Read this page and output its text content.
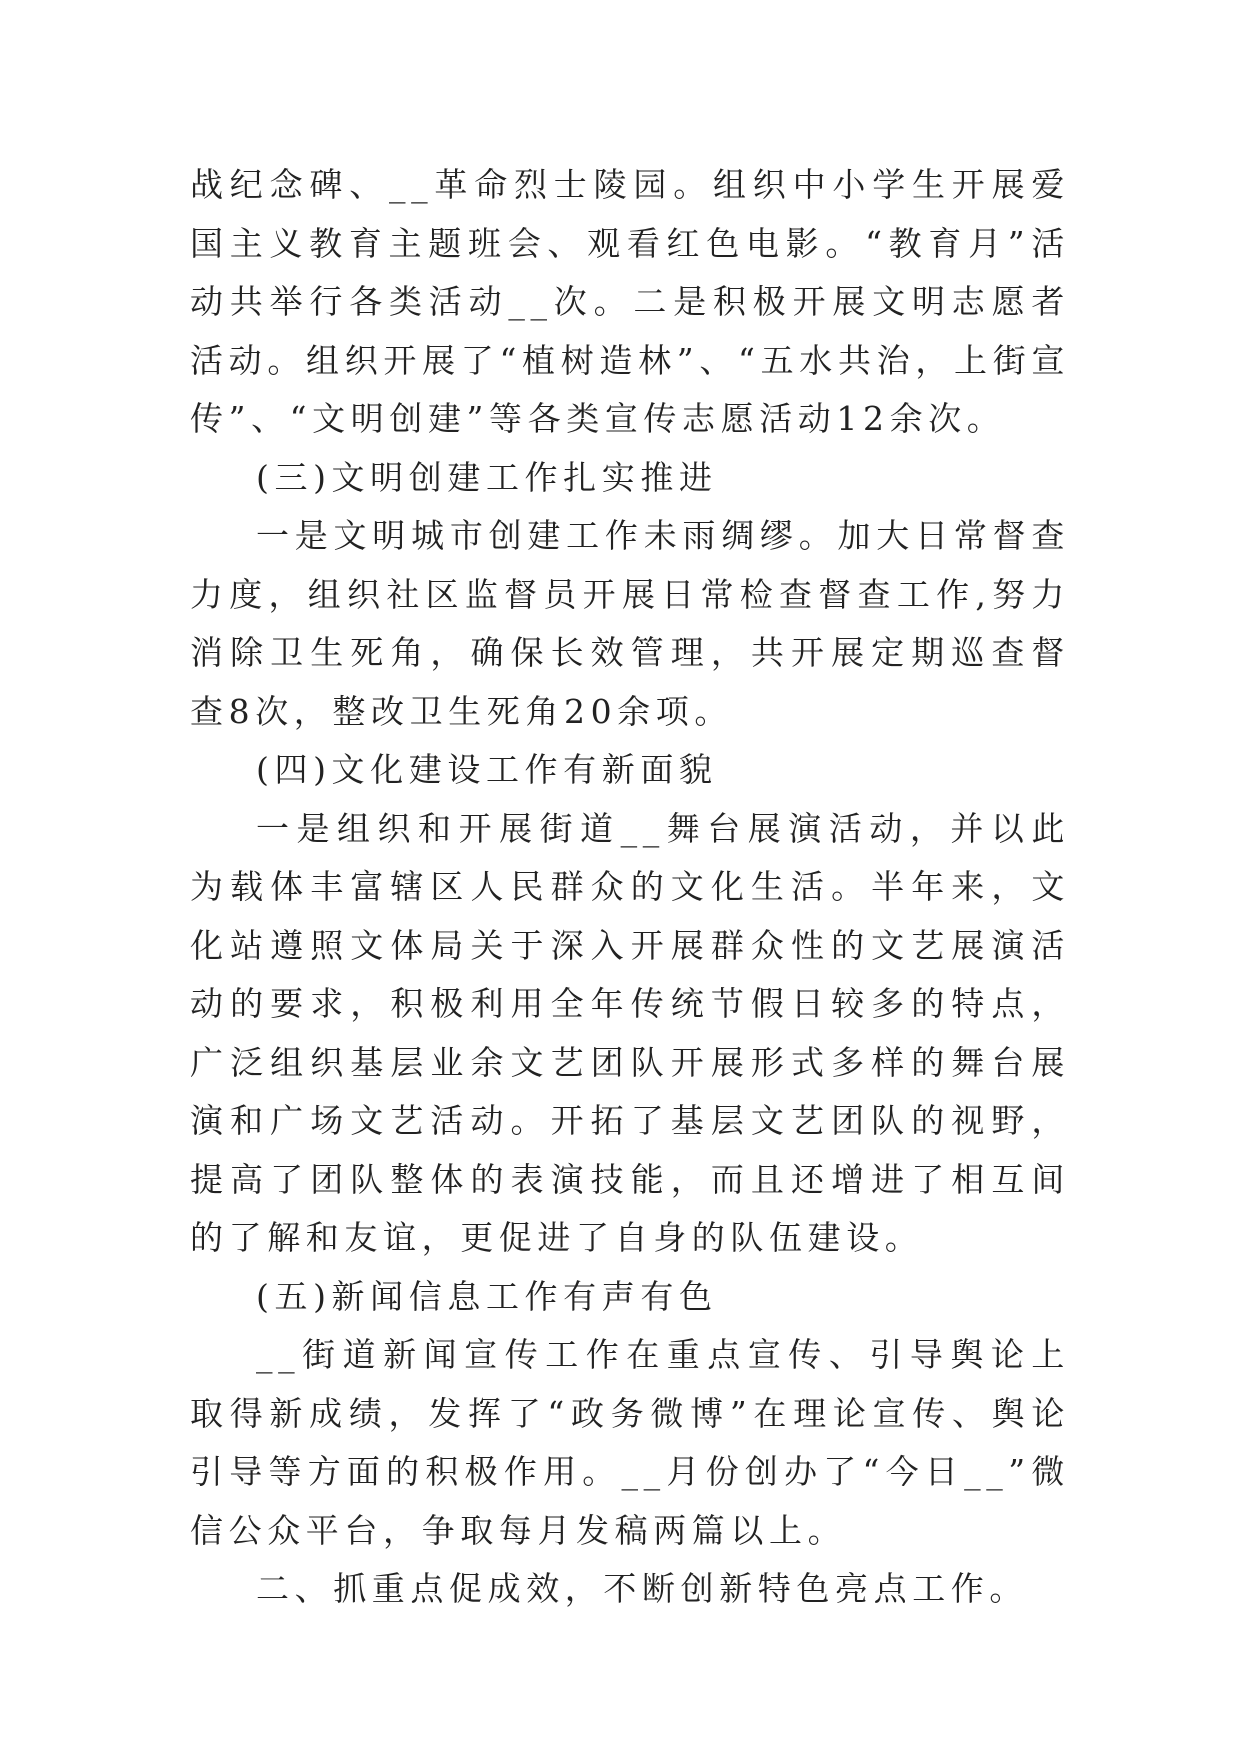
战纪念碑、__革命烈士陵园。组织中小学生开展爱国主义教育主题班会、观看红色电影。“教育月”活动共举行各类活动__次。二是积极开展文明志愿者活动。组织开展了“植树造林”、“五水共治，上街宣传”、“文明创建”等各类宣传志愿活动12余次。

(三)文明创建工作扎实推进

一是文明城市创建工作未雨绸缪。加大日常督查力度，组织社区监督员开展日常检查督查工作,努力消除卫生死角，确保长效管理，共开展定期巡查督查8次，整改卫生死角20余项。

(四)文化建设工作有新面貌

一是组织和开展街道__舞台展演活动，并以此为载体丰富辖区人民群众的文化生活。半年来，文化站遵照文体局关于深入开展群众性的文艺展演活动的要求，积极利用全年传统节假日较多的特点，广泛组织基层业余文艺团队开展形式多样的舞台展演和广场文艺活动。开拓了基层文艺团队的视野，提高了团队整体的表演技能，而且还增进了相互间的了解和友谊，更促进了自身的队伍建设。

(五)新闻信息工作有声有色

__街道新闻宣传工作在重点宣传、引导舆论上取得新成绩，发挥了“政务微博”在理论宣传、舆论引导等方面的积极作用。__月份创办了“今日__”微信公众平台，争取每月发稿两篇以上。

二、抓重点促成效，不断创新特色亮点工作。
